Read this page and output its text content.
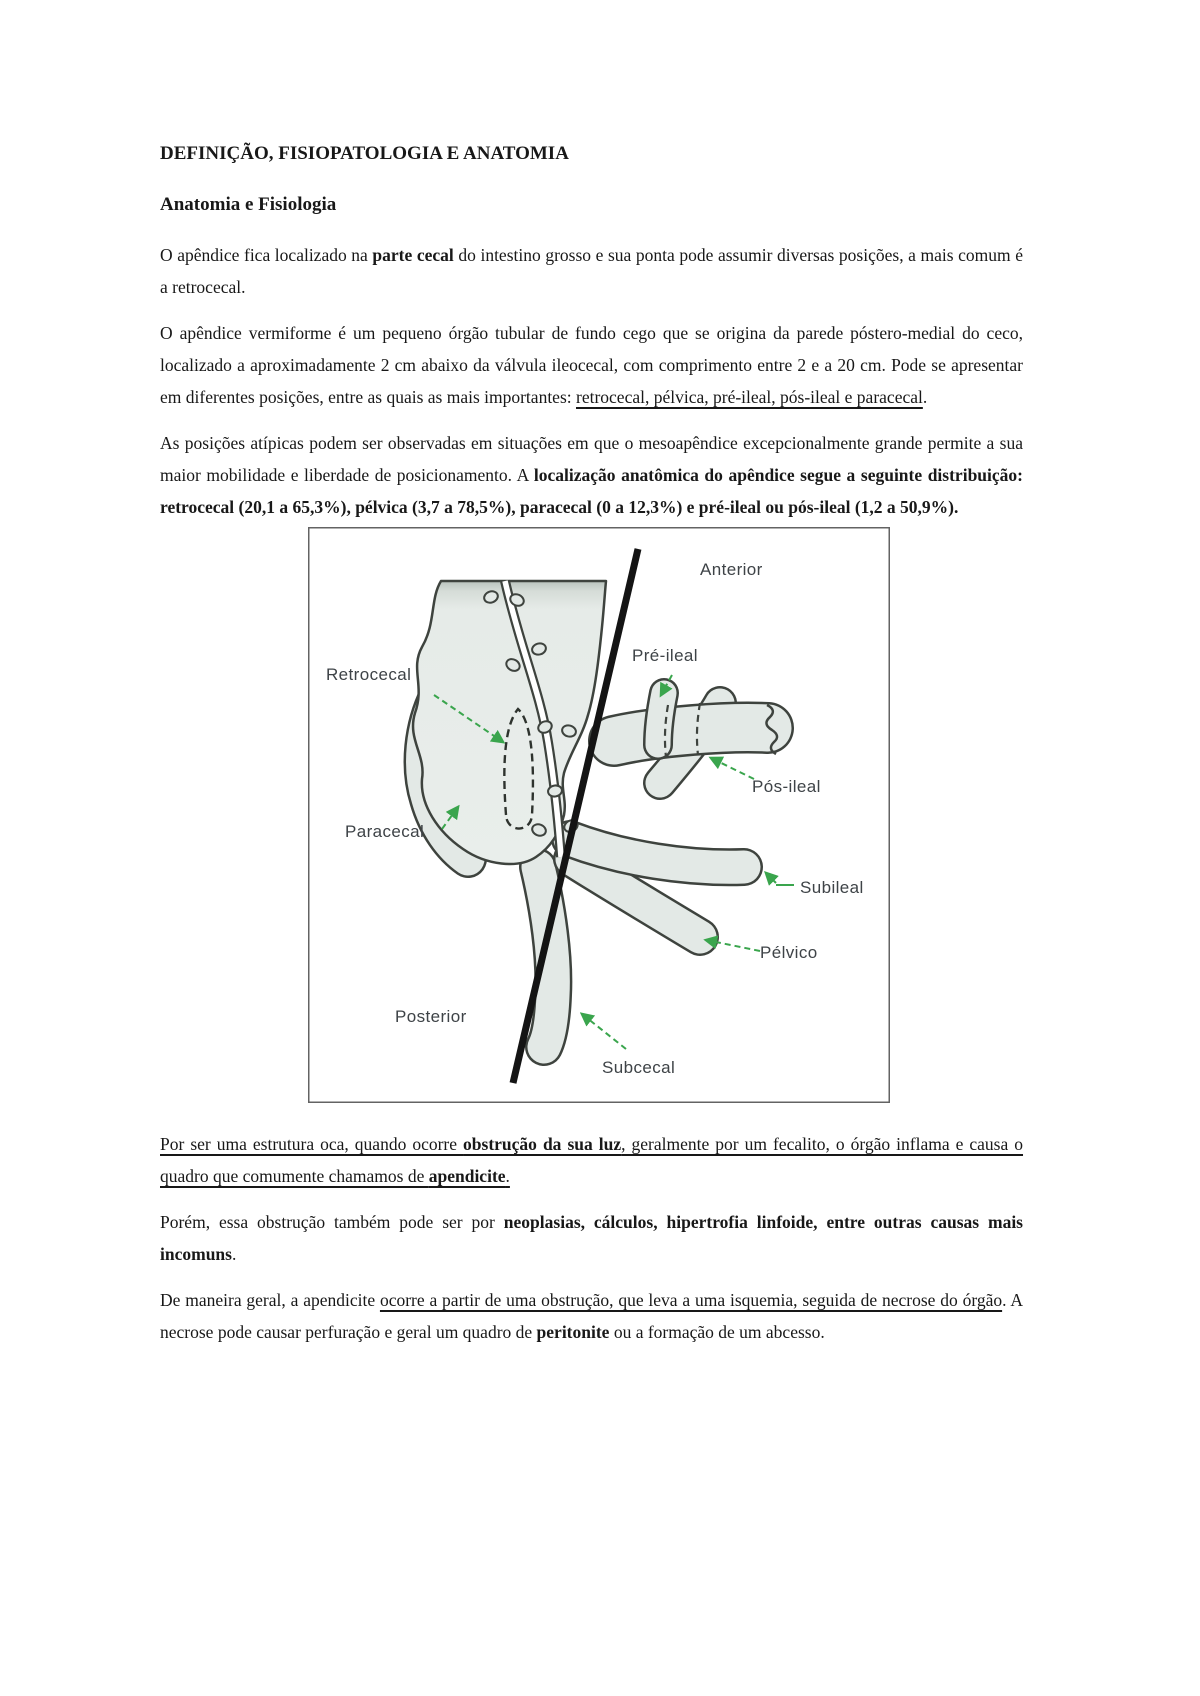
DEFINIÇÃO, FISIOPATOLOGIA E ANATOMIA
Anatomia e Fisiologia

O apêndice fica localizado na parte cecal do intestino grosso e sua ponta pode assumir diversas posições, a mais comum é a retrocecal.

O apêndice vermiforme é um pequeno órgão tubular de fundo cego que se origina da parede póstero-medial do ceco, localizado a aproximadamente 2 cm abaixo da válvula ileocecal, com comprimento entre 2 e a 20 cm. Pode se apresentar em diferentes posições, entre as quais as mais importantes: retrocecal, pélvica, pré-ileal, pós-ileal e paracecal.

As posições atípicas podem ser observadas em situações em que o mesoapêndice excepcionalmente grande permite a sua maior mobilidade e liberdade de posicionamento. A localização anatômica do apêndice segue a seguinte distribuição: retrocecal (20,1 a 65,3%), pélvica (3,7 a 78,5%), paracecal (0 a 12,3%) e pré-ileal ou pós-ileal (1,2 a 50,9%).

Anterior
Pré-ileal
Retrocecal
Paracecal
Pós-ileal
Subileal
Pélvico
Posterior
Subcecal

Por ser uma estrutura oca, quando ocorre obstrução da sua luz, geralmente por um fecalito, o órgão inflama e causa o quadro que comumente chamamos de apendicite.

Porém, essa obstrução também pode ser por neoplasias, cálculos, hipertrofia linfoide, entre outras causas mais incomuns.

De maneira geral, a apendicite ocorre a partir de uma obstrução, que leva a uma isquemia, seguida de necrose do órgão. A necrose pode causar perfuração e geral um quadro de peritonite ou a formação de um abcesso.
